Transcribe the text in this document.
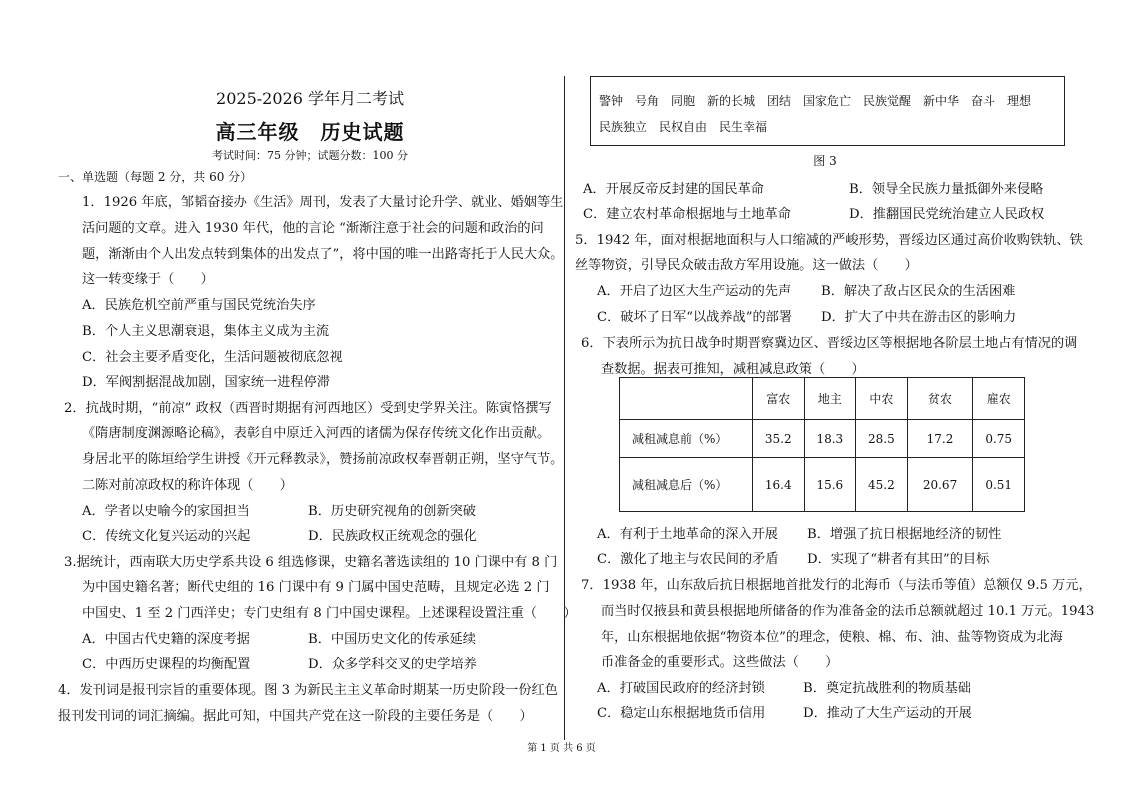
2025-2026 学年月二考试
高三年级　历史试题
考试时间：75 分钟；试题分数：100 分
一、单选题（每题 2 分，共 60 分）
1．1926 年底，邹韬奋接办《生活》周刊，发表了大量讨论升学、就业、婚姻等生
活问题的文章。进入 1930 年代，他的言论 “渐渐注意于社会的问题和政治的问
题，渐渐由个人出发点转到集体的出发点了”，将中国的唯一出路寄托于人民大众。
这一转变缘于（　　）
A．民族危机空前严重与国民党统治失序
B．个人主义思潮衰退，集体主义成为主流
C．社会主要矛盾变化，生活问题被彻底忽视
D．军阀割据混战加剧，国家统一进程停滞
2．抗战时期，“前凉” 政权（西晋时期据有河西地区）受到史学界关注。陈寅恪撰写
《隋唐制度渊源略论稿》，表彰自中原迁入河西的诸儒为保存传统文化作出贡献。
身居北平的陈垣给学生讲授《开元释教录》，赞扬前凉政权奉晋朝正朔，坚守气节。
二陈对前凉政权的称许体现（　　）
A．学者以史喻今的家国担当	B．历史研究视角的创新突破
C．传统文化复兴运动的兴起	D．民族政权正统观念的强化
3.据统计，西南联大历史学系共设 6 组选修课，史籍名著选读组的 10 门课中有 8 门
为中国史籍名著；断代史组的 16 门课中有 9 门属中国史范畴，且规定必选 2 门
中国史、1 至 2 门西洋史；专门史组有 8 门中国史课程。上述课程设置注重（　　）
A．中国古代史籍的深度考据	B．中国历史文化的传承延续
C．中西历史课程的均衡配置	D．众多学科交叉的史学培养
4．发刊词是报刊宗旨的重要体现。图 3 为新民主主义革命时期某一历史阶段一份红色
报刊发刊词的词汇摘编。据此可知，中国共产党在这一阶段的主要任务是（　　）
警钟　号角　同胞　新的长城　团结　国家危亡　民族觉醒　新中华　奋斗　理想
民族独立　民权自由　民生幸福
图 3
A．开展反帝反封建的国民革命	B．领导全民族力量抵御外来侵略
C．建立农村革命根据地与土地革命	D．推翻国民党统治建立人民政权
5．1942 年，面对根据地面积与人口缩减的严峻形势，晋绥边区通过高价收购铁轨、铁
丝等物资，引导民众破击敌方军用设施。这一做法（　　）
A．开启了边区大生产运动的先声 B．解决了敌占区民众的生活困难
C．破坏了日军“以战养战”的部署 D．扩大了中共在游击区的影响力
6．下表所示为抗日战争时期晋察冀边区、晋绥边区等根据地各阶层土地占有情况的调
查数据。据表可推知，减租减息政策（　　）
A．有利于土地革命的深入开展 B．增强了抗日根据地经济的韧性
C．激化了地主与农民间的矛盾 D．实现了“耕者有其田”的目标
7．1938 年，山东敌后抗日根据地首批发行的北海币（与法币等值）总额仅 9.5 万元，
而当时仅掖县和黄县根据地所储备的作为准备金的法币总额就超过 10.1 万元。1943
年，山东根据地依据“物资本位”的理念，使粮、棉、布、油、盐等物资成为北海
币准备金的重要形式。这些做法（　　）
A．打破国民政府的经济封锁	B．奠定抗战胜利的物质基础
C．稳定山东根据地货币信用	D．推动了大生产运动的开展
	富农	地主	中农	贫农	雇农
减租减息前（%）	35.2	18.3	28.5	17.2	0.75
减租减息后（%）	16.4	15.6	45.2	20.67	0.51
第 1 页 共 6 页
